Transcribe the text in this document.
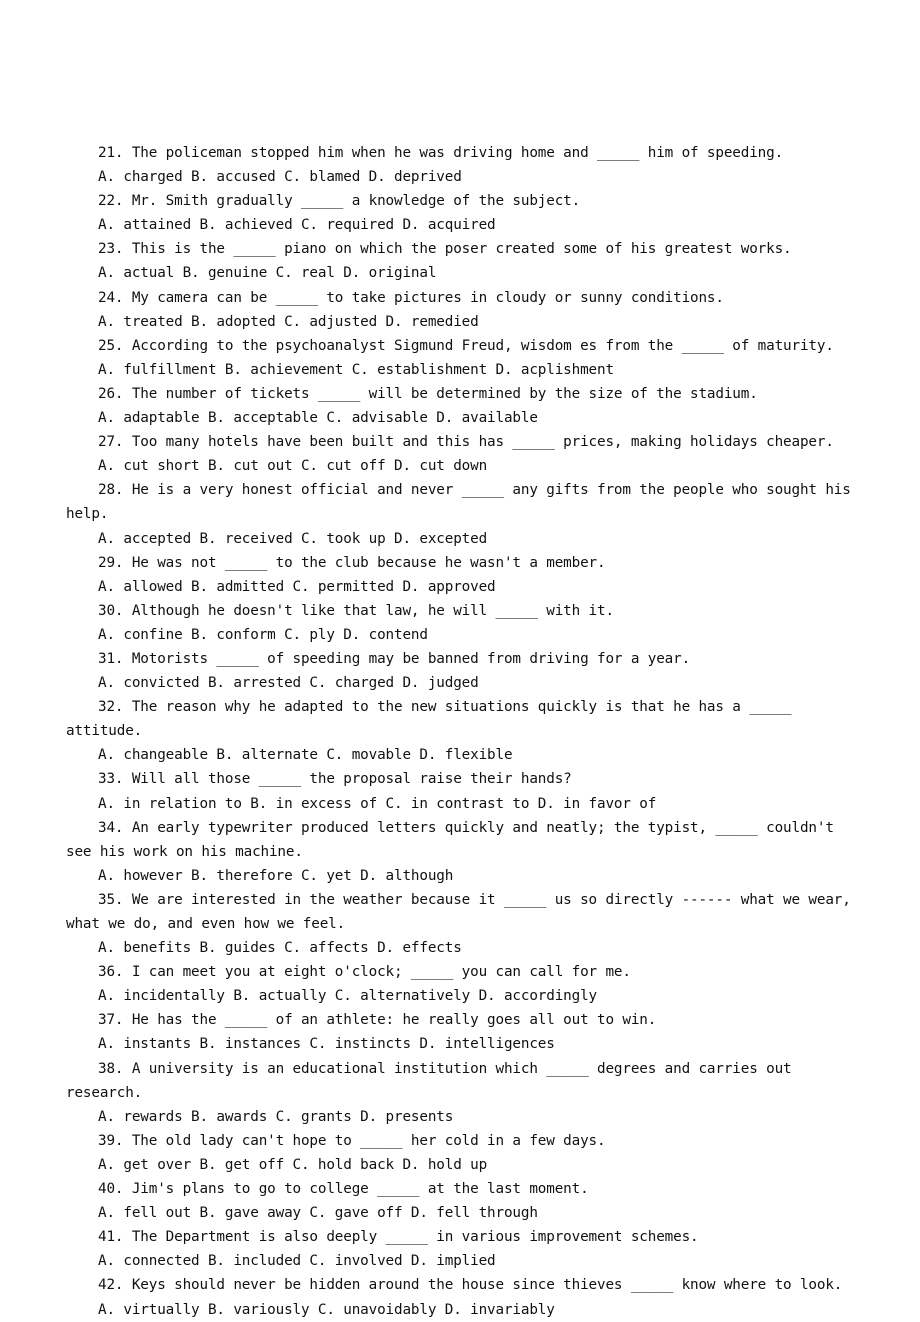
21. The policeman stopped him when he was driving home and _____ him of speeding.

A. charged B. accused C. blamed D. deprived

22. Mr. Smith gradually _____ a knowledge of the subject.

A. attained B. achieved C. required D. acquired

23. This is the _____ piano on which the poser created some of his greatest works.

A. actual B. genuine C. real D. original

24. My camera can be _____ to take pictures in cloudy or sunny conditions.

A. treated B. adopted C. adjusted D. remedied

25. According to the psychoanalyst Sigmund Freud, wisdom es from the _____ of maturity.

A. fulfillment B. achievement C. establishment D. acplishment

26. The number of tickets _____ will be determined by the size of the stadium.

A. adaptable B. acceptable C. advisable D. available

27. Too many hotels have been built and this has _____ prices, making holidays cheaper.

A. cut short B. cut out C. cut off D. cut down

28. He is a very honest official and never _____ any gifts from the people who sought his help.

A. accepted B. received C. took up D. excepted

29. He was not _____ to the club because he wasn't a member.

A. allowed B. admitted C. permitted D. approved

30. Although he doesn't like that law, he will _____ with it.

A. confine B. conform C. ply D. contend

31. Motorists _____ of speeding may be banned from driving for a year.

A. convicted B. arrested C. charged D. judged

32. The reason why he adapted to the new situations quickly is that he has a _____ attitude.

A. changeable B. alternate C. movable D. flexible

33. Will all those _____ the proposal raise their hands?

A. in relation to B. in excess of C. in contrast to D. in favor of

34. An early typewriter produced letters quickly and neatly; the typist, _____ couldn't see his work on his machine.

A. however B. therefore C. yet D. although

35. We are interested in the weather because it _____ us so directly ------ what we wear, what we do, and even how we feel.

A. benefits B. guides C. affects D. effects

36. I can meet you at eight o'clock; _____ you can call for me.

A. incidentally B. actually C. alternatively D. accordingly

37. He has the _____ of an athlete: he really goes all out to win.

A. instants B. instances C. instincts D. intelligences

38. A university is an educational institution which _____ degrees and carries out research.

A. rewards B. awards C. grants D. presents

39. The old lady can't hope to _____ her cold in a few days.

A. get over B. get off C. hold back D. hold up

40. Jim's plans to go to college _____ at the last moment.

A. fell out B. gave away C. gave off D. fell through

41. The Department is also deeply _____ in various improvement schemes.

A. connected B. included C. involved D. implied

42. Keys should never be hidden around the house since thieves _____ know where to look.

A. virtually B. variously C. unavoidably D. invariably
